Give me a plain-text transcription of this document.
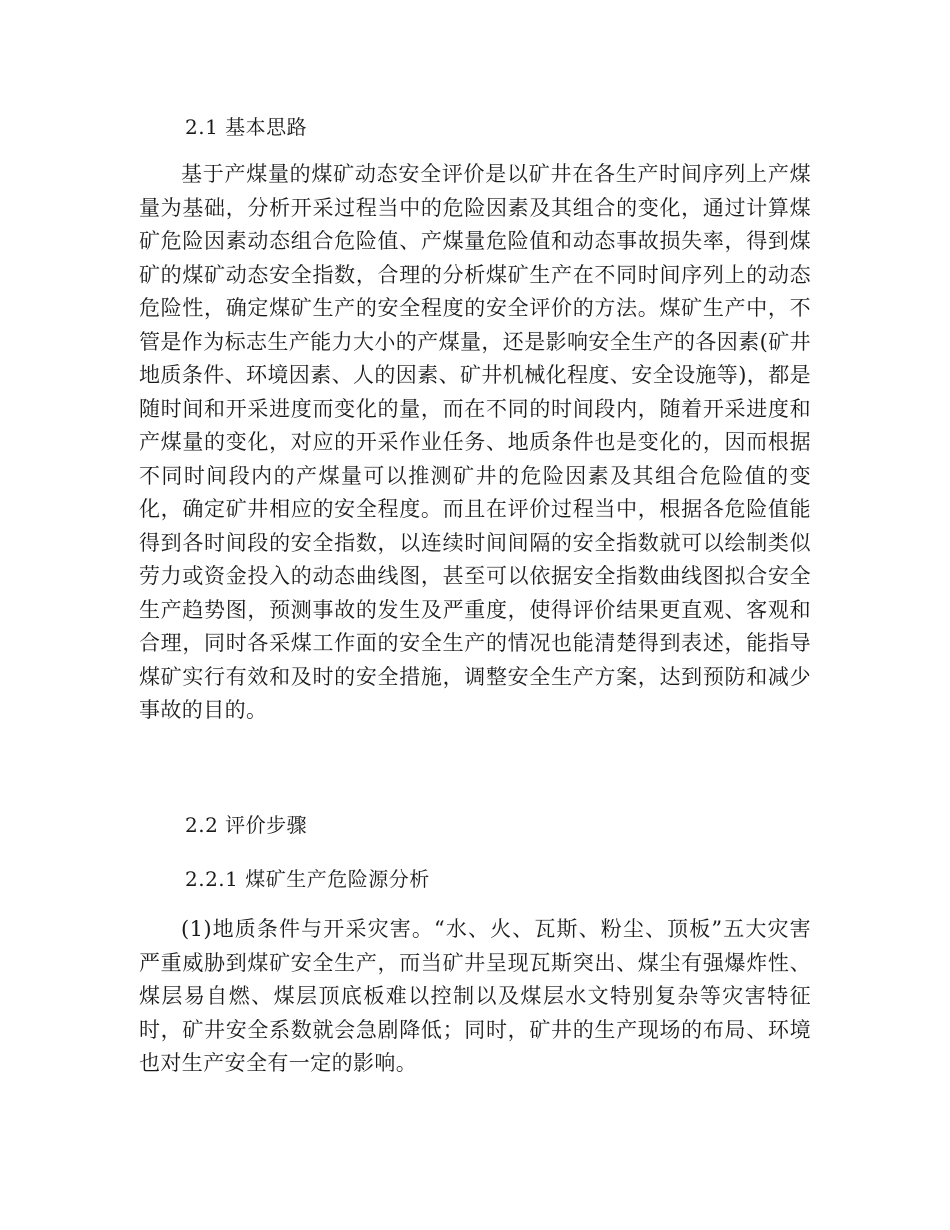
2.1 基本思路

基于产煤量的煤矿动态安全评价是以矿井在各生产时间序列上产煤量为基础，分析开采过程当中的危险因素及其组合的变化，通过计算煤矿危险因素动态组合危险值、产煤量危险值和动态事故损失率，得到煤矿的煤矿动态安全指数，合理的分析煤矿生产在不同时间序列上的动态危险性，确定煤矿生产的安全程度的安全评价的方法。煤矿生产中，不管是作为标志生产能力大小的产煤量，还是影响安全生产的各因素(矿井地质条件、环境因素、人的因素、矿井机械化程度、安全设施等)，都是随时间和开采进度而变化的量，而在不同的时间段内，随着开采进度和产煤量的变化，对应的开采作业任务、地质条件也是变化的，因而根据不同时间段内的产煤量可以推测矿井的危险因素及其组合危险值的变化，确定矿井相应的安全程度。而且在评价过程当中，根据各危险值能得到各时间段的安全指数，以连续时间间隔的安全指数就可以绘制类似劳力或资金投入的动态曲线图，甚至可以依据安全指数曲线图拟合安全生产趋势图，预测事故的发生及严重度，使得评价结果更直观、客观和合理，同时各采煤工作面的安全生产的情况也能清楚得到表述，能指导煤矿实行有效和及时的安全措施，调整安全生产方案，达到预防和减少事故的目的。

2.2 评价步骤
2.2.1 煤矿生产危险源分析

(1)地质条件与开采灾害。“水、火、瓦斯、粉尘、顶板”五大灾害严重威胁到煤矿安全生产，而当矿井呈现瓦斯突出、煤尘有强爆炸性、煤层易自燃、煤层顶底板难以控制以及煤层水文特别复杂等灾害特征时，矿井安全系数就会急剧降低；同时，矿井的生产现场的布局、环境也对生产安全有一定的影响。
